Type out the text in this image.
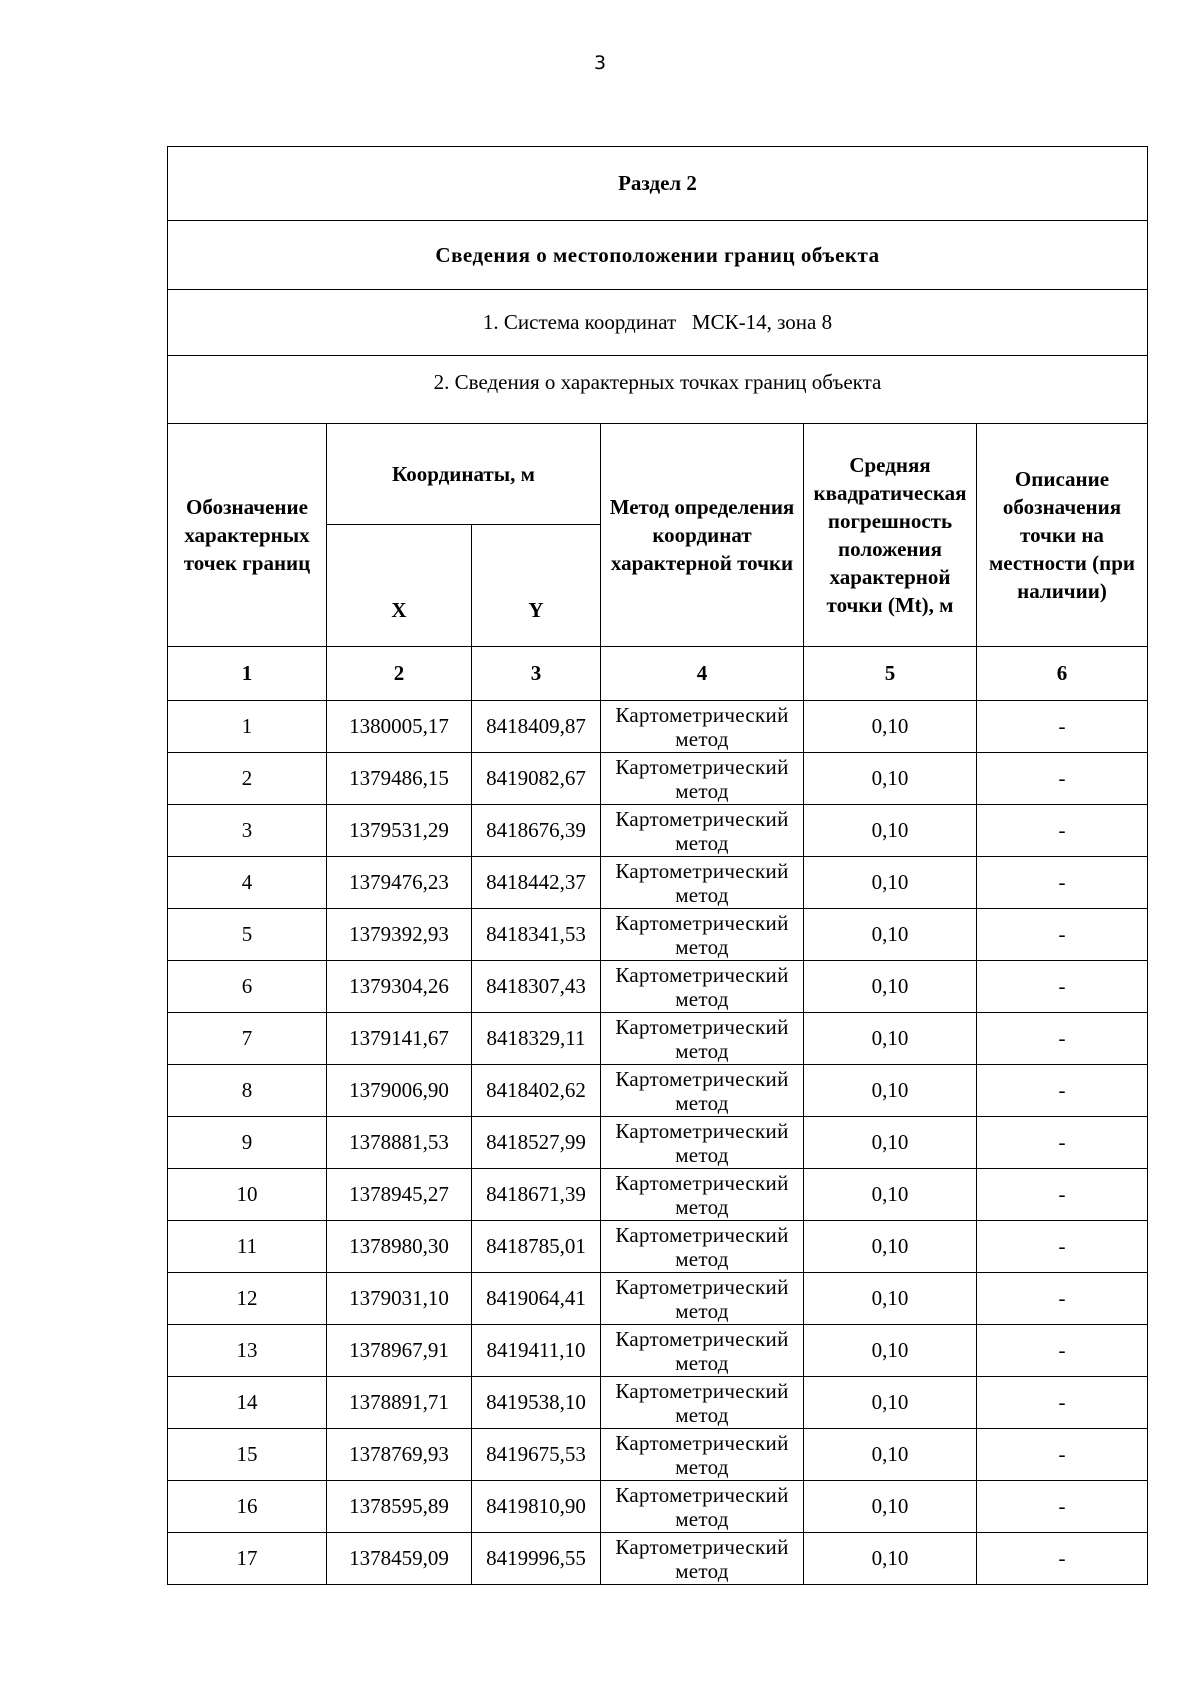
3
Раздел 2					
Сведения о местоположении границ объекта					
1. Система координат   МСК-14, зона 8					
2. Сведения о характерных точках границ объекта					
Обозначение характерных точек границ	Координаты, м		Метод определения координат характерной точки	Средняя квадратическая погрешность положения характерной точки (Mt), м	Описание обозначения точки на местности (при наличии)
	X	Y			
1	2	3	4	5	6
1	1380005,17	8418409,87	Картометрический метод	0,10	-
2	1379486,15	8419082,67	Картометрический метод	0,10	-
3	1379531,29	8418676,39	Картометрический метод	0,10	-
4	1379476,23	8418442,37	Картометрический метод	0,10	-
5	1379392,93	8418341,53	Картометрический метод	0,10	-
6	1379304,26	8418307,43	Картометрический метод	0,10	-
7	1379141,67	8418329,11	Картометрический метод	0,10	-
8	1379006,90	8418402,62	Картометрический метод	0,10	-
9	1378881,53	8418527,99	Картометрический метод	0,10	-
10	1378945,27	8418671,39	Картометрический метод	0,10	-
11	1378980,30	8418785,01	Картометрический метод	0,10	-
12	1379031,10	8419064,41	Картометрический метод	0,10	-
13	1378967,91	8419411,10	Картометрический метод	0,10	-
14	1378891,71	8419538,10	Картометрический метод	0,10	-
15	1378769,93	8419675,53	Картометрический метод	0,10	-
16	1378595,89	8419810,90	Картометрический метод	0,10	-
17	1378459,09	8419996,55	Картометрический метод	0,10	-
